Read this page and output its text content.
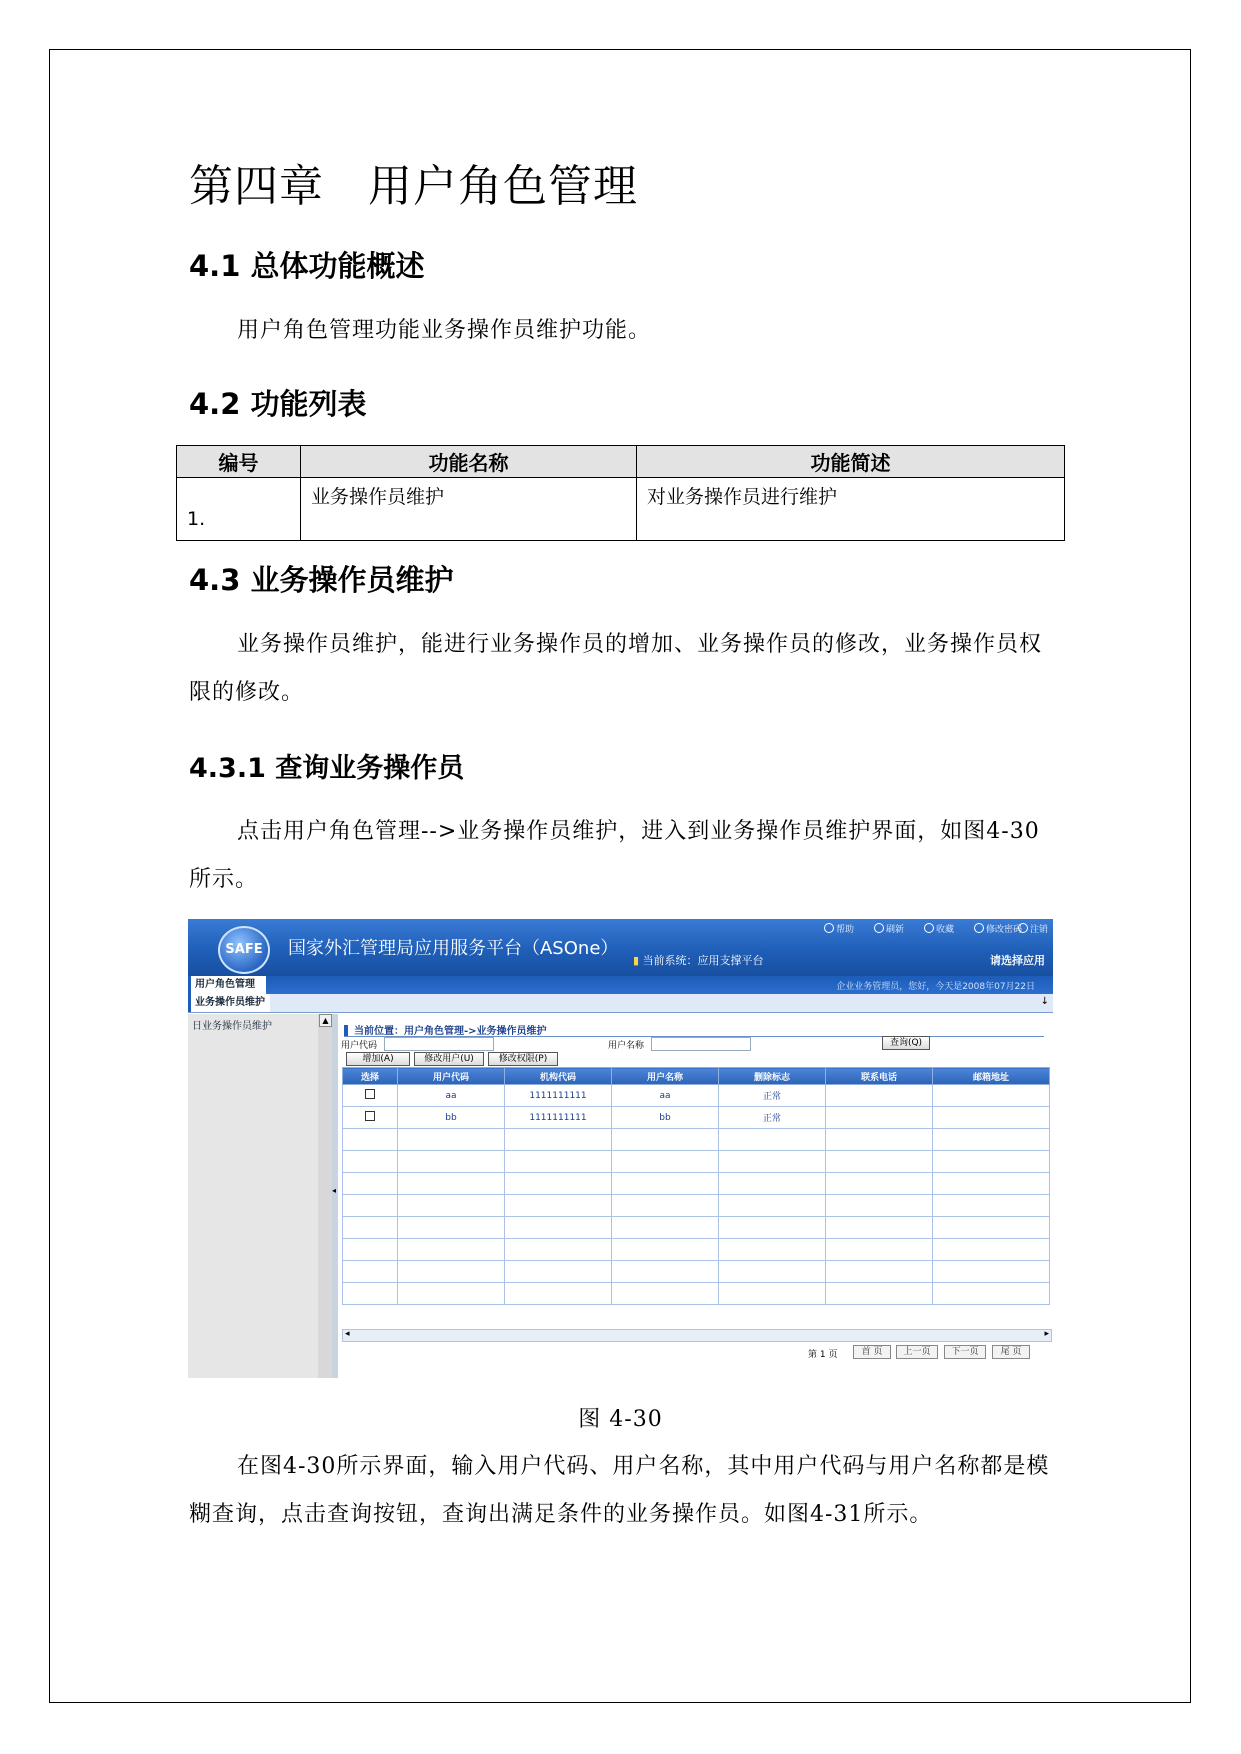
第四章 用户角色管理
4.1 总体功能概述
用户角色管理功能业务操作员维护功能。
4.2 功能列表
编号	功能名称	功能简述
1.	业务操作员维护	对业务操作员进行维护
4.3 业务操作员维护
业务操作员维护，能进行业务操作员的增加、业务操作员的修改，业务操作员权限的修改。
4.3.1 查询业务操作员
点击用户角色管理-->业务操作员维护，进入到业务操作员维护界面，如图4-30所示。
SAFE	国家外汇管理局应用服务平台（ASOne）
帮助	刷新	收藏	修改密码 注销
▮ 当前系统：应用支撑平台	请选择应用
用户角色管理	企业业务管理员，您好，今天是2008年07月22日
业务操作员维护	↓
日业务操作员维护
▲
◂
当前位置：用户角色管理->业务操作员维护
用户代码	用户名称	查询(Q)
增加(A)	修改用户(U)	修改权限(P)
选择	用户代码	机构代码	用户名称	删除标志	联系电话	邮箱地址
	aa	1111111111	aa	正常		
	bb	1111111111	bb	正常		

◂	▸
第 1 页	首 页	上一页	下一页	尾 页
图 4-30
在图4-30所示界面，输入用户代码、用户名称，其中用户代码与用户名称都是模糊查询，点击查询按钮，查询出满足条件的业务操作员。如图4-31所示。
